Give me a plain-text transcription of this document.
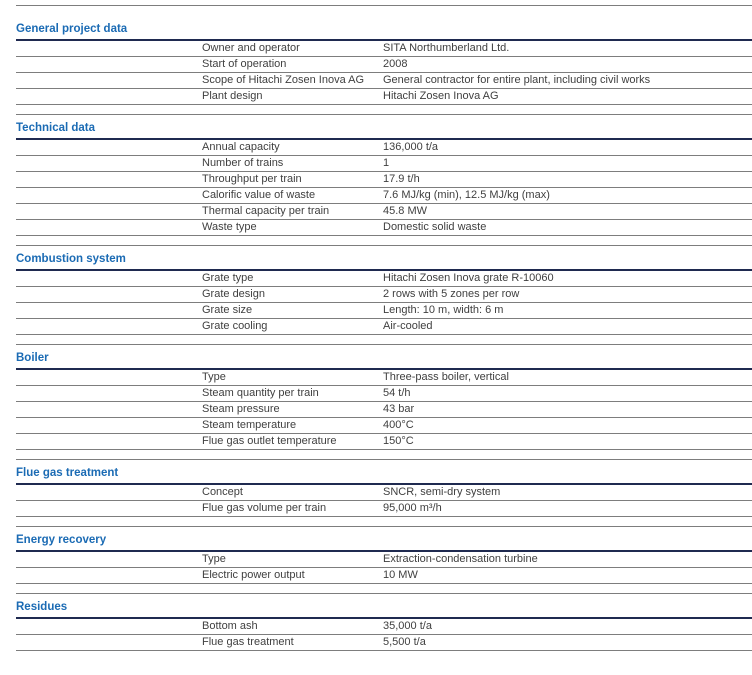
General project data
Owner and operator	SITA Northumberland Ltd.
Start of operation	2008
Scope of Hitachi Zosen Inova AG	General contractor for entire plant, including civil works
Plant design	Hitachi Zosen Inova AG
Technical data
Annual capacity	136,000 t/a
Number of trains	1
Throughput per train	17.9 t/h
Calorific value of waste	7.6 MJ/kg (min), 12.5 MJ/kg (max)
Thermal capacity per train	45.8 MW
Waste type	Domestic solid waste
Combustion system
Grate type	Hitachi Zosen Inova grate R-10060
Grate design	2 rows with 5 zones per row
Grate size	Length: 10 m, width: 6 m
Grate cooling	Air-cooled
Boiler
Type	Three-pass boiler, vertical
Steam quantity per train	54 t/h
Steam pressure	43 bar
Steam temperature	400°C
Flue gas outlet temperature	150°C
Flue gas treatment
Concept	SNCR, semi-dry system
Flue gas volume per train	95,000 m³/h
Energy recovery
Type	Extraction-condensation turbine
Electric power output	10 MW
Residues
Bottom ash	35,000 t/a
Flue gas treatment	5,500 t/a
